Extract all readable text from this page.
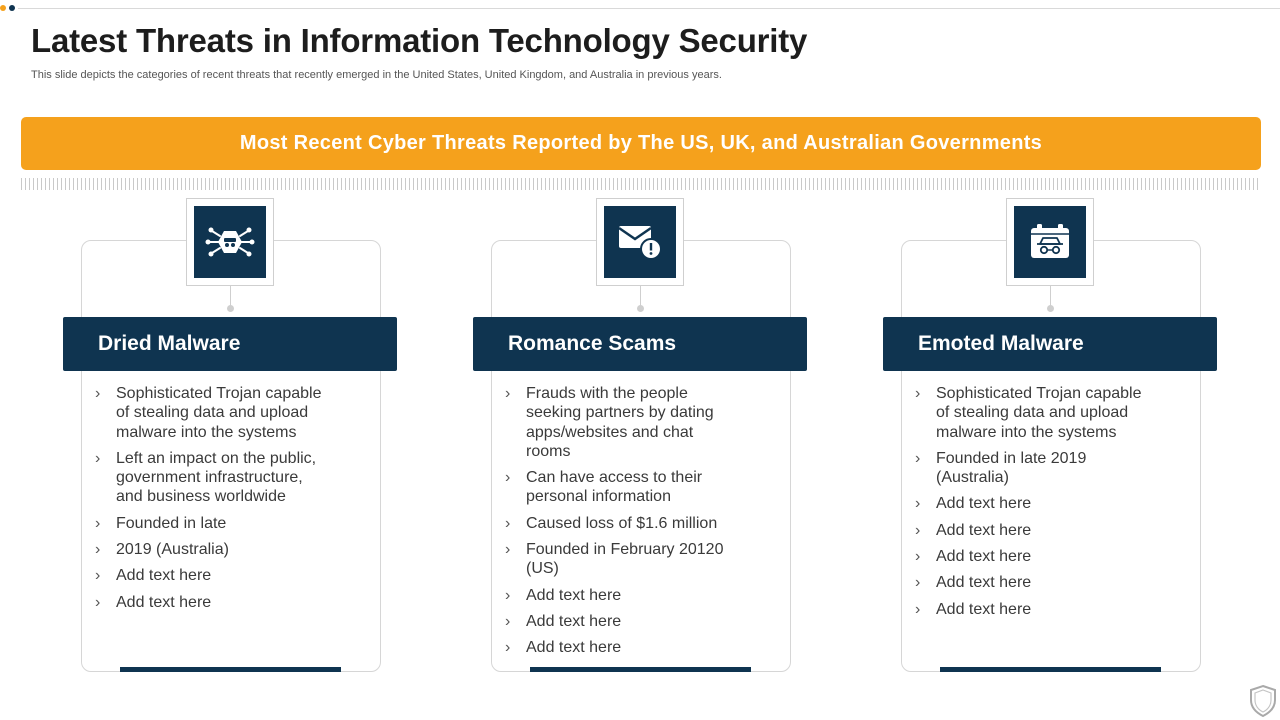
Latest Threats in Information Technology Security
This slide depicts the categories of recent threats that recently emerged in the United States, United Kingdom, and Australia in previous years.
Most Recent Cyber Threats Reported by The US, UK, and Australian Governments
Dried Malware
› Sophisticated Trojan capable of stealing data and upload malware into the systems
› Left an impact on the public, government infrastructure, and business worldwide
› Founded in late
› 2019 (Australia)
› Add text here
› Add text here
Romance Scams
› Frauds with the people seeking partners by dating apps/websites and chat rooms
› Can have access to their personal information
› Caused loss of $1.6 million
› Founded in February 20120 (US)
› Add text here
› Add text here
› Add text here
Emoted Malware
› Sophisticated Trojan capable of stealing data and upload malware into the systems
› Founded in late 2019 (Australia)
› Add text here
› Add text here
› Add text here
› Add text here
› Add text here
